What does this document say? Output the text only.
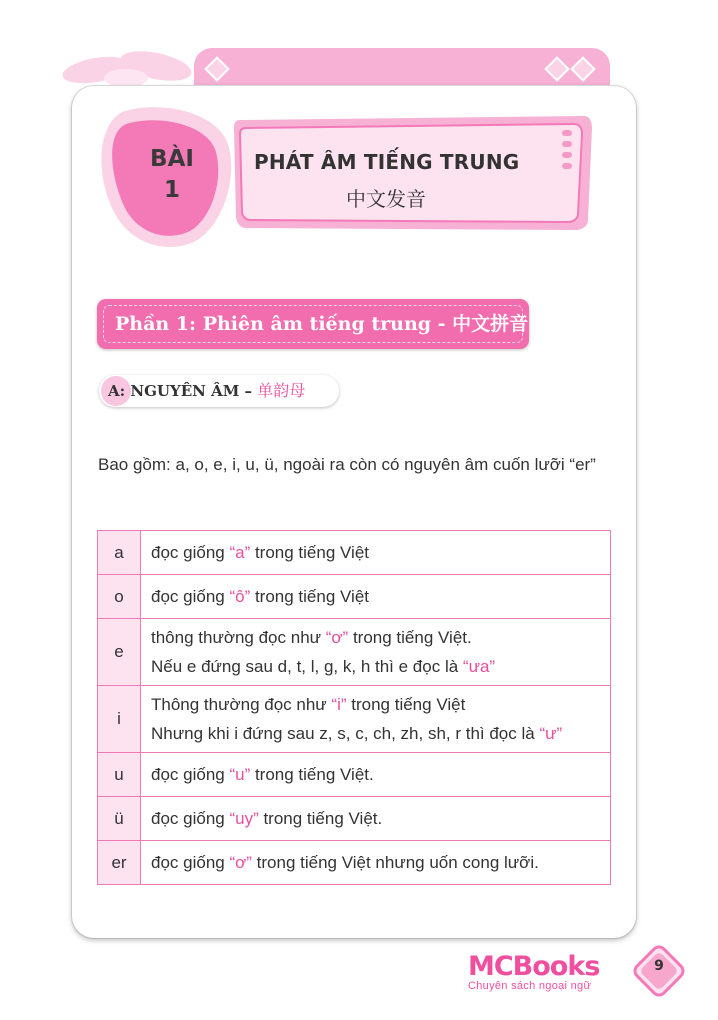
BÀI
1
PHÁT ÂM TIẾNG TRUNG
中文发音
Phần 1: Phiên âm tiếng trung - 中文拼音
A: NGUYÊN ÂM – 单韵母
Bao gồm: a, o, e, i, u, ü, ngoài ra còn có nguyên âm cuốn lưỡi “er”
a	đọc giống “a” trong tiếng Việt

o	đọc giống “ô” trong tiếng Việt

e	thông thường đọc như “ơ” trong tiếng Việt.
Nếu e đứng sau d, t, l, g, k, h thì e đọc là “ưa”

i	Thông thường đọc như “i” trong tiếng Việt
Nhưng khi i đứng sau z, s, c, ch, zh, sh, r thì đọc là “ư”

u	đọc giống “u” trong tiếng Việt.

ü	đọc giống “uy” trong tiếng Việt.

er	đọc giống “ơ” trong tiếng Việt nhưng uốn cong lưỡi.
MCBooks
Chuyên sách ngoại ngữ
9
